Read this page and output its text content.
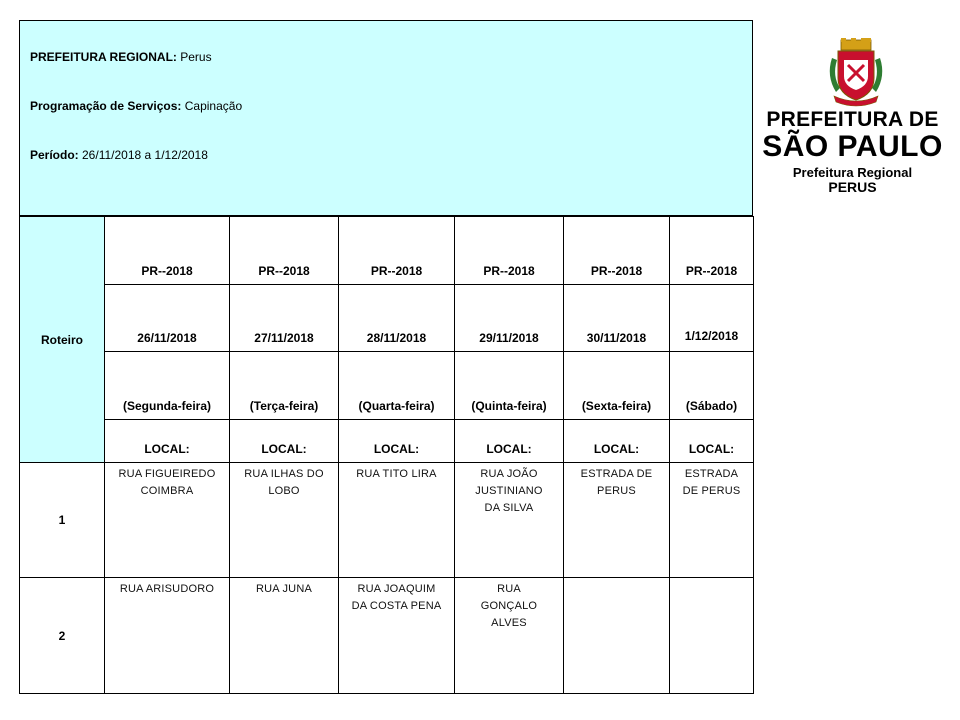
PREFEITURA REGIONAL: Perus
Programação de Serviços: Capinação
Período: 26/11/2018 a 1/12/2018
Roteiro	PR--2018	PR--2018	PR--2018	PR--2018	PR--2018	PR--2018
	26/11/2018	27/11/2018	28/11/2018	29/11/2018	30/11/2018	1/12/2018
	(Segunda-feira)	(Terça-feira)	(Quarta-feira)	(Quinta-feira)	(Sexta-feira)	(Sábado)
	LOCAL:	LOCAL:	LOCAL:	LOCAL:	LOCAL:	LOCAL:
1	RUA FIGUEIREDO
COIMBRA	RUA ILHAS DO
LOBO	RUA TITO LIRA	RUA JOÃO
JUSTINIANO
DA SILVA	ESTRADA DE
PERUS	ESTRADA
DE PERUS

2	RUA ARISUDORO	RUA JUNA	RUA JOAQUIM
DA COSTA PENA	RUA
GONÇALO
ALVES		

PREFEITURA DE
SÃO PAULO
Prefeitura Regional
PERUS
